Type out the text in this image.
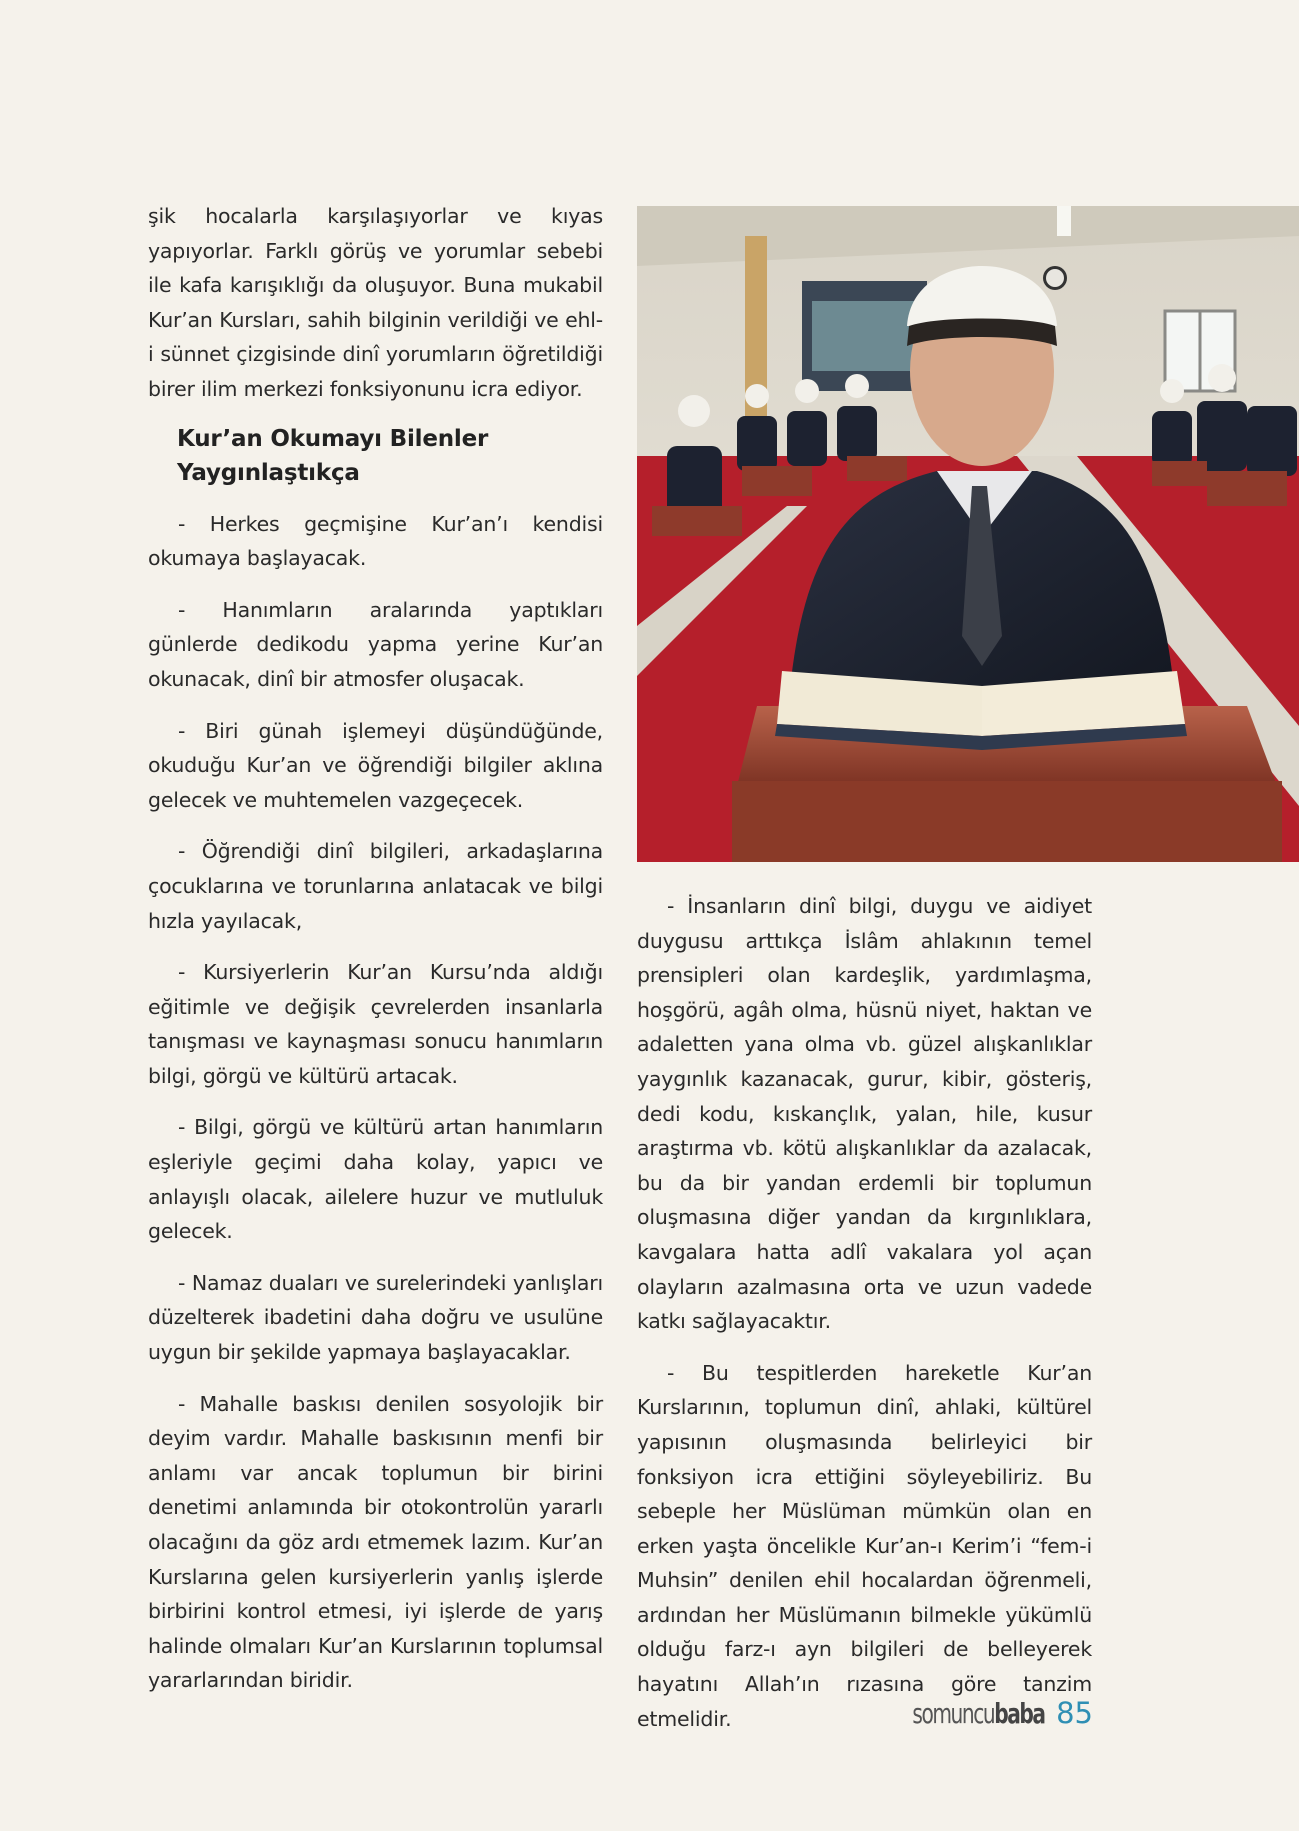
şik hocalarla karşılaşıyorlar ve kıyas yapıyorlar. Farklı görüş ve yorumlar sebebi ile kafa karışıklığı da oluşuyor. Buna mukabil Kur’an Kursları, sahih bilginin verildiği ve ehl-i sünnet çizgisinde dinî yorumların öğretildiği birer ilim merkezi fonksiyonunu icra ediyor.

Kur’an Okumayı Bilenler
Yaygınlaştıkça

- Herkes geçmişine Kur’an’ı kendisi okumaya başlayacak.

- Hanımların aralarında yaptıkları günlerde dedikodu yapma yerine Kur’an okunacak, dinî bir atmosfer oluşacak.

- Biri günah işlemeyi düşündüğünde, okuduğu Kur’an ve öğrendiği bilgiler aklına gelecek ve muhtemelen vazgeçecek.

- Öğrendiği dinî bilgileri, arkadaşlarına çocuklarına ve torunlarına anlatacak ve bilgi hızla yayılacak,

- Kursiyerlerin Kur’an Kursu’nda aldığı eğitimle ve değişik çevrelerden insanlarla tanışması ve kaynaşması sonucu hanımların bilgi, görgü ve kültürü artacak.

- Bilgi, görgü ve kültürü artan hanımların eşleriyle geçimi daha kolay, yapıcı ve anlayışlı olacak, ailelere huzur ve mutluluk gelecek.

- Namaz duaları ve surelerindeki yanlışları düzelterek ibadetini daha doğru ve usulüne uygun bir şekilde yapmaya başlayacaklar.

- Mahalle baskısı denilen sosyolojik bir deyim vardır. Mahalle baskısının menfi bir anlamı var ancak toplumun bir birini denetimi anlamında bir otokontrolün yararlı olacağını da göz ardı etmemek lazım. Kur’an Kurslarına gelen kursiyerlerin yanlış işlerde birbirini kontrol etmesi, iyi işlerde de yarış halinde olmaları Kur’an Kurslarının toplumsal yararlarından biridir.

- İnsanların dinî bilgi, duygu ve aidiyet duygusu arttıkça İslâm ahlakının temel prensipleri olan kardeşlik, yardımlaşma, hoşgörü, agâh olma, hüsnü niyet, haktan ve adaletten yana olma vb. güzel alışkanlıklar yaygınlık kazanacak, gurur, kibir, gösteriş, dedi kodu, kıskançlık, yalan, hile, kusur araştırma vb. kötü alışkanlıklar da azalacak, bu da bir yandan erdemli bir toplumun oluşmasına diğer yandan da kırgınlıklara, kavgalara hatta adlî vakalara yol açan olayların azalmasına orta ve uzun vadede katkı sağlayacaktır.

- Bu tespitlerden hareketle Kur’an Kurslarının, toplumun dinî, ahlaki, kültürel yapısının oluşmasında belirleyici bir fonksiyon icra ettiğini söyleyebiliriz. Bu sebeple her Müslüman mümkün olan en erken yaşta öncelikle Kur’an-ı Kerim’i “fem-i Muhsin” denilen ehil hocalardan öğrenmeli, ardından her Müslümanın bilmekle yükümlü olduğu farz-ı ayn bilgileri de belleyerek hayatını Allah’ın rızasına göre tanzim etmelidir.	somuncubaba 85
